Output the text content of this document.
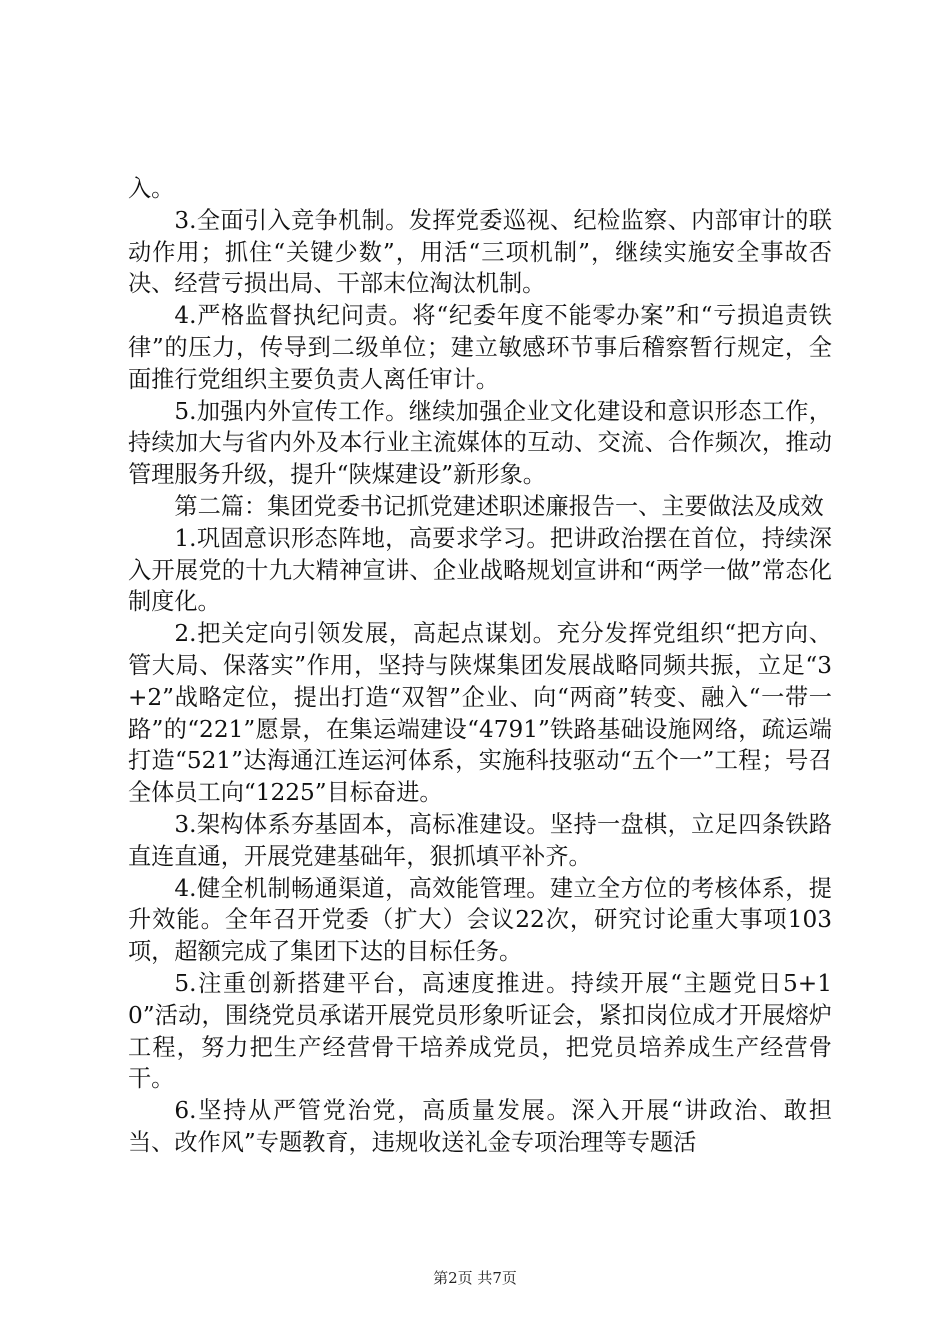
入。

3.全面引入竞争机制。发挥党委巡视、纪检监察、内部审计的联动作用；抓住“关键少数”，用活“三项机制”，继续实施安全事故否决、经营亏损出局、干部末位淘汰机制。

4.严格监督执纪问责。将“纪委年度不能零办案”和“亏损追责铁律”的压力，传导到二级单位；建立敏感环节事后稽察暂行规定，全面推行党组织主要负责人离任审计。

5.加强内外宣传工作。继续加强企业文化建设和意识形态工作，持续加大与省内外及本行业主流媒体的互动、交流、合作频次，推动管理服务升级，提升“陕煤建设”新形象。

第二篇：集团党委书记抓党建述职述廉报告一、主要做法及成效

1.巩固意识形态阵地，高要求学习。把讲政治摆在首位，持续深入开展党的十九大精神宣讲、企业战略规划宣讲和“两学一做”常态化制度化。

2.把关定向引领发展，高起点谋划。充分发挥党组织“把方向、管大局、保落实”作用，坚持与陕煤集团发展战略同频共振，立足“3+2”战略定位，提出打造“双智”企业、向“两商”转变、融入“一带一路”的“221”愿景，在集运端建设“4791”铁路基础设施网络，疏运端打造“521”达海通江连运河体系，实施科技驱动“五个一”工程；号召全体员工向“1225”目标奋进。

3.架构体系夯基固本，高标准建设。坚持一盘棋，立足四条铁路直连直通，开展党建基础年，狠抓填平补齐。

4.健全机制畅通渠道，高效能管理。建立全方位的考核体系，提升效能。全年召开党委（扩大）会议22次，研究讨论重大事项103项，超额完成了集团下达的目标任务。

5.注重创新搭建平台，高速度推进。持续开展“主题党日5+10”活动，围绕党员承诺开展党员形象听证会，紧扣岗位成才开展熔炉工程，努力把生产经营骨干培养成党员，把党员培养成生产经营骨干。

6.坚持从严管党治党，高质量发展。深入开展“讲政治、敢担当、改作风”专题教育，违规收送礼金专项治理等专题活

第2页 共7页
